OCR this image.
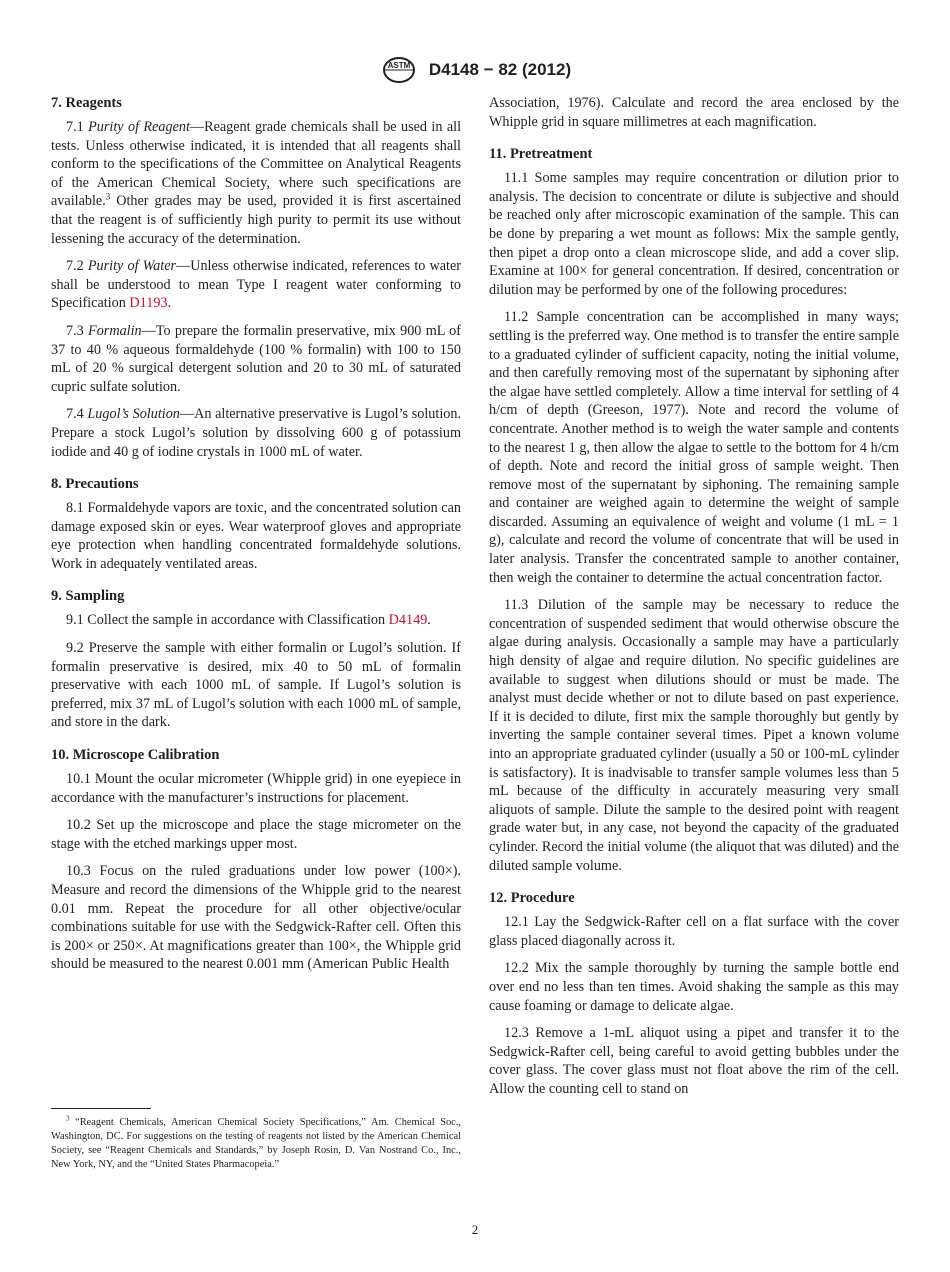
ASTM D4148 − 82 (2012)
7. Reagents

7.1 Purity of Reagent—Reagent grade chemicals shall be used in all tests. Unless otherwise indicated, it is intended that all reagents shall conform to the specifications of the Committee on Analytical Reagents of the American Chemical Society, where such specifications are available.$^3$ Other grades may be used, provided it is first ascertained that the reagent is of sufficiently high purity to permit its use without lessening the accuracy of the determination.

7.2 Purity of Water—Unless otherwise indicated, references to water shall be understood to mean Type I reagent water conforming to Specification D1193.

7.3 Formalin—To prepare the formalin preservative, mix 900 mL of 37 to 40 % aqueous formaldehyde (100 % formalin) with 100 to 150 mL of 20 % surgical detergent solution and 20 to 30 mL of saturated cupric sulfate solution.

7.4 Lugol’s Solution—An alternative preservative is Lugol’s solution. Prepare a stock Lugol’s solution by dissolving 600 g of potassium iodide and 40 g of iodine crystals in 1000 mL of water.

8. Precautions

8.1 Formaldehyde vapors are toxic, and the concentrated solution can damage exposed skin or eyes. Wear waterproof gloves and appropriate eye protection when handling concentrated formaldehyde solutions. Work in adequately ventilated areas.

9. Sampling

9.1 Collect the sample in accordance with Classification D4149.

9.2 Preserve the sample with either formalin or Lugol’s solution. If formalin preservative is desired, mix 40 to 50 mL of formalin preservative with each 1000 mL of sample. If Lugol’s solution is preferred, mix 37 mL of Lugol’s solution with each 1000 mL of sample, and store in the dark.

10. Microscope Calibration

10.1 Mount the ocular micrometer (Whipple grid) in one eyepiece in accordance with the manufacturer’s instructions for placement.

10.2 Set up the microscope and place the stage micrometer on the stage with the etched markings upper most.

10.3 Focus on the ruled graduations under low power (100×). Measure and record the dimensions of the Whipple grid to the nearest 0.01 mm. Repeat the procedure for all other objective/ocular combinations suitable for use with the Sedgwick-Rafter cell. Often this is 200× or 250×. At magnifications greater than 100×, the Whipple grid should be measured to the nearest 0.001 mm (American Public Health

$^3$ “Reagent Chemicals, American Chemical Society Specifications,” Am. Chemical Soc., Washington, DC. For suggestions on the testing of reagents not listed by the American Chemical Society, see “Reagent Chemicals and Standards,” by Joseph Rosin, D. Van Nostrand Co., Inc., New York, NY, and the “United States Pharmacopeia.”

Association, 1976). Calculate and record the area enclosed by the Whipple grid in square millimetres at each magnification.

11. Pretreatment

11.1 Some samples may require concentration or dilution prior to analysis. The decision to concentrate or dilute is subjective and should be reached only after microscopic examination of the sample. This can be done by preparing a wet mount as follows: Mix the sample gently, then pipet a drop onto a clean microscope slide, and add a cover slip. Examine at 100× for general concentration. If desired, concentration or dilution may be performed by one of the following procedures:

11.2 Sample concentration can be accomplished in many ways; settling is the preferred way. One method is to transfer the entire sample to a graduated cylinder of sufficient capacity, noting the initial volume, and then carefully removing most of the supernatant by siphoning after the algae have settled completely. Allow a time interval for settling of 4 h/cm of depth (Greeson, 1977). Note and record the volume of concentrate. Another method is to weigh the water sample and contents to the nearest 1 g, then allow the algae to settle to the bottom for 4 h/cm of depth. Note and record the initial gross of sample weight. Then remove most of the supernatant by siphoning. The remaining sample and container are weighed again to determine the weight of sample discarded. Assuming an equivalence of weight and volume (1 mL = 1 g), calculate and record the volume of concentrate that will be used in later analysis. Transfer the concentrated sample to another container, then weigh the container to determine the actual concentration factor.

11.3 Dilution of the sample may be necessary to reduce the concentration of suspended sediment that would otherwise obscure the algae during analysis. Occasionally a sample may have a particularly high density of algae and require dilution. No specific guidelines are available to suggest when dilutions should or must be made. The analyst must decide whether or not to dilute based on past experience. If it is decided to dilute, first mix the sample thoroughly but gently by inverting the sample container several times. Pipet a known volume into an appropriate graduated cylinder (usually a 50 or 100-mL cylinder is satisfactory). It is inadvisable to transfer sample volumes less than 5 mL because of the difficulty in accurately measuring very small aliquots of sample. Dilute the sample to the desired point with reagent grade water but, in any case, not beyond the capacity of the graduated cylinder. Record the initial volume (the aliquot that was diluted) and the diluted sample volume.

12. Procedure

12.1 Lay the Sedgwick-Rafter cell on a flat surface with the cover glass placed diagonally across it.

12.2 Mix the sample thoroughly by turning the sample bottle end over end no less than ten times. Avoid shaking the sample as this may cause foaming or damage to delicate algae.

12.3 Remove a 1-mL aliquot using a pipet and transfer it to the Sedgwick-Rafter cell, being careful to avoid getting bubbles under the cover glass. The cover glass must not float above the rim of the cell. Allow the counting cell to stand on

2
